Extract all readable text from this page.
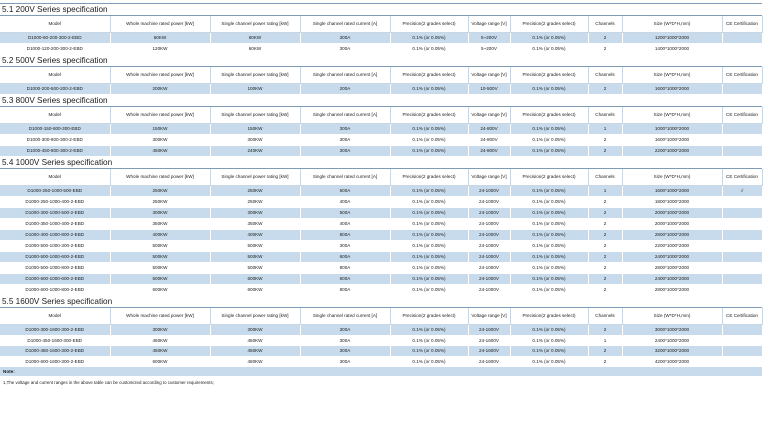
5.1 200V Series specification
Model	Whole machine rated power [kW]	Single channel power rating [kW]	Single channel rated current [A]	Precision(2 grades select)	Voltage range [V]	Precision(2 grades select)	Channels	Size (W*D*H,mm)	CE Certification
D1000-60-200-300-2-EBD	60KW	60KW	300A	0.1% (or 0.05%)	5~200V	0.1% (or 0.05%)	2	1200*1000*2000	
D1000-120-200-300-2-EBD	120KW	60KW	300A	0.1% (or 0.05%)	5~200V	0.1% (or 0.05%)	2	1400*1000*2000	
5.2 500V Series specification
Model	Whole machine rated power [kW]	Single channel power rating [kW]	Single channel rated current [A]	Precision(2 grades select)	Voltage range [V]	Precision(2 grades select)	Channels	Size (W*D*H,mm)	CE Certification
D1000-200-500-200-2-EBD	200KW	100KW	200A	0.1% (or 0.05%)	10-500V	0.1% (or 0.05%)	2	1600*1000*2000	
5.3 800V Series specification
Model	Whole machine rated power [kW]	Single channel power rating [kW]	Single channel rated current [A]	Precision(2 grades select)	Voltage range [V]	Precision(2 grades select)	Channels	Size (W*D*H,mm)	CE Certification
D1000-150-800-300-EBD	150KW	150KW	300A	0.1% (or 0.05%)	24-800V	0.1% (or 0.05%)	1	1000*1000*2000	
D1000-300-800-300-2-EBD	300KW	300KW	300A	0.1% (or 0.05%)	24-800V	0.1% (or 0.05%)	2	1600*1000*2000	
D1000-450-800-300-2-EBD	450KW	240KW	300A	0.1% (or 0.05%)	24-800V	0.1% (or 0.05%)	2	2200*1000*2000	
5.4 1000V Series specification
Model	Whole machine rated power [kW]	Single channel power rating [kW]	Single channel rated current [A]	Precision(2 grades select)	Voltage range [V]	Precision(2 grades select)	Channels	Size (W*D*H,mm)	CE Certification
D1000-250-1000-500-EBD	250KW	250KW	500A	0.1% (or 0.05%)	24-1000V	0.1% (or 0.05%)	1	1600*1000*2000	√
D1000-250-1000-400-2-EBD	250KW	250KW	400A	0.1% (or 0.05%)	24-1000V	0.1% (or 0.05%)	2	1800*1000*2000	
D1000-300-1000-500-2-EBD	300KW	300KW	500A	0.1% (or 0.05%)	24-1000V	0.1% (or 0.05%)	2	2000*1000*2000	
D1000-350-1000-400-2-EBD	350KW	350KW	400A	0.1% (or 0.05%)	24-1000V	0.1% (or 0.05%)	2	2000*1000*2000	
D1000-400-1000-800-2-EBD	400KW	400KW	800A	0.1% (or 0.05%)	24-1000V	0.1% (or 0.05%)	2	2800*1000*2000	
D1000-500-1000-300-2-EBD	500KW	500KW	300A	0.1% (or 0.05%)	24-1000V	0.1% (or 0.05%)	2	2200*1000*2000	
D1000-500-1000-600-2-EBD	500KW	500KW	600A	0.1% (or 0.05%)	24-1000V	0.1% (or 0.05%)	2	2400*1000*2000	
D1000-500-1000-800-2-EBD	500KW	500KW	800A	0.1% (or 0.05%)	24-1000V	0.1% (or 0.05%)	2	2800*1000*2000	
D1000-600-1000-600-2-EBD	600KW	600KW	600A	0.1% (or 0.05%)	24-1000V	0.1% (or 0.05%)	2	2400*1000*2000	
D1000-600-1000-800-2-EBD	600KW	600KW	800A	0.1% (or 0.05%)	24-1000V	0.1% (or 0.05%)	2	2800*1000*2000	
5.5 1600V Series specification
Model	Whole machine rated power [kW]	Single channel power rating [kW]	Single channel rated current [A]	Precision(2 grades select)	Voltage range [V]	Precision(2 grades select)	Channels	Size (W*D*H,mm)	CE Certification
D1000-300-1600-300-2-EBD	300KW	300KW	300A	0.1% (or 0.05%)	24-1600V	0.1% (or 0.05%)	2	3000*1000*2000	
D1000-450-1600-300-EBD	450KW	450KW	300A	0.1% (or 0.05%)	24-1600V	0.1% (or 0.05%)	1	2400*1000*2000	
D1000-450-1600-300-2-EBD	450KW	450KW	300A	0.1% (or 0.05%)	24-1600V	0.1% (or 0.05%)	2	3200*1000*2000	
D1000-600-1600-300-2-EBD	600KW	480KW	300A	0.1% (or 0.05%)	24-1600V	0.1% (or 0.05%)	2	4200*1000*2000	
Note:
1,The voltage and current ranges in the above table can be customized according to customer requirements;
